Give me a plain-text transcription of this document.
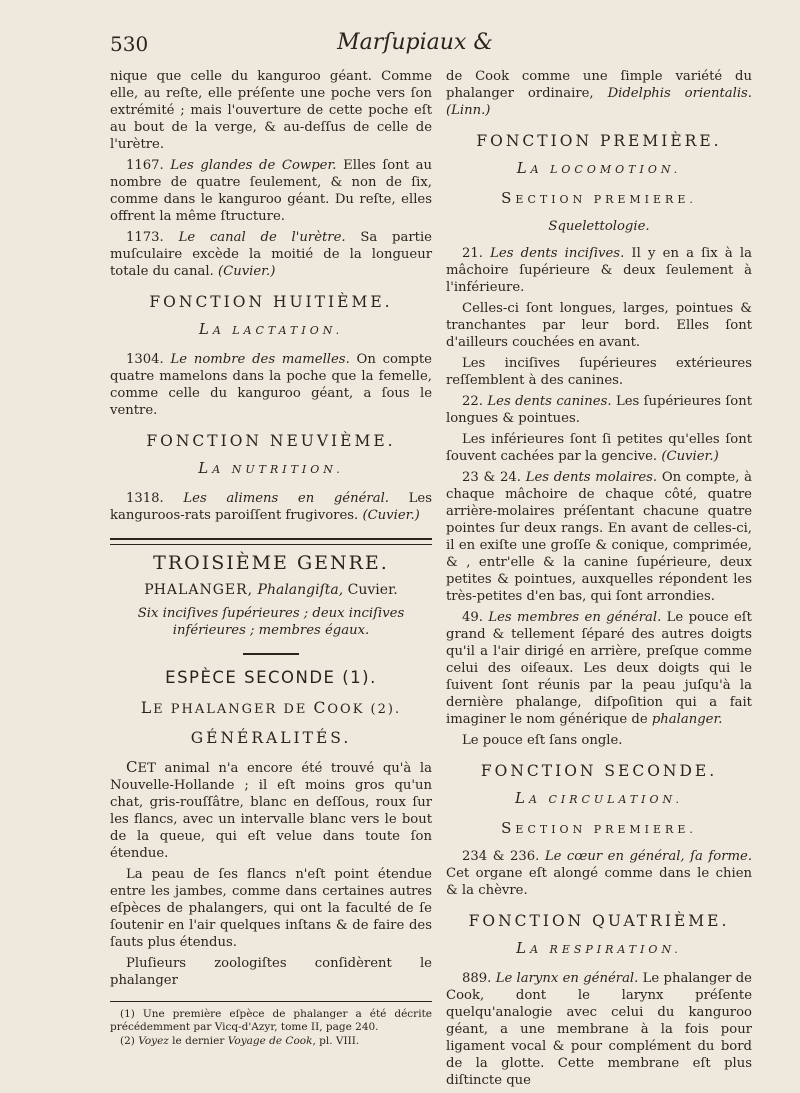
530	Marſupiaux &

nique que celle du kanguroo géant. Comme elle, au reſte, elle préſente une poche vers ſon extrémité ; mais l'ouverture de cette poche eſt au bout de la verge, & au-deſſus de celle de l'urètre.

1167. Les glandes de Cowper. Elles ſont au nombre de quatre ſeulement, & non de ſix, comme dans le kanguroo géant. Du reſte, elles offrent la même ſtructure.

1173. Le canal de l'urètre. Sa partie muſculaire excède la moitié de la longueur totale du canal. (Cuvier.)

FONCTION HUITIÈME.
LA LACTATION.

1304. Le nombre des mamelles. On compte quatre mamelons dans la poche que la femelle, comme celle du kanguroo géant, a ſous le ventre.

FONCTION NEUVIÈME.
LA NUTRITION.

1318. Les alimens en général. Les kanguroos-rats paroiſſent frugivores. (Cuvier.)

TROISIÈME GENRE.
PHALANGER, Phalangiſta, Cuvier.
Six inciſives ſupérieures ; deux inciſives inférieures ; membres égaux.
ESPÈCE SECONDE (1).
LE PHALANGER DE COOK (2).
GÉNÉRALITÉS.

CET animal n'a encore été trouvé qu'à la Nouvelle-Hollande ; il eſt moins gros qu'un chat, gris-rouſſâtre, blanc en deſſous, roux ſur les flancs, avec un intervalle blanc vers le bout de la queue, qui eſt velue dans toute ſon étendue.

La peau de ſes flancs n'eſt point étendue entre les jambes, comme dans certaines autres eſpèces de phalangers, qui ont la faculté de ſe ſoutenir en l'air quelques inſtans & de faire des ſauts plus étendus.

Pluſieurs zoologiſtes conſidèrent le phalanger

(1) Une première eſpèce de phalanger a été décrite précédemment par Vicq-d'Azyr, tome II, page 240.

(2) Voyez le dernier Voyage de Cook, pl. VIII.

de Cook comme une ſimple variété du phalanger ordinaire, Didelphis orientalis. (Linn.)

FONCTION PREMIÈRE.
LA LOCOMOTION.
SECTION PREMIERE.
Squelettologie.

21. Les dents inciſives. Il y en a ſix à la mâchoire ſupérieure & deux ſeulement à l'inférieure.

Celles-ci ſont longues, larges, pointues & tranchantes par leur bord. Elles ſont d'ailleurs couchées en avant.

Les inciſives ſupérieures extérieures reſſemblent à des canines.

22. Les dents canines. Les ſupérieures ſont longues & pointues.

Les inférieures ſont ſi petites qu'elles ſont ſouvent cachées par la gencive. (Cuvier.)

23 & 24. Les dents molaires. On compte, à chaque mâchoire de chaque côté, quatre arrière-molaires préſentant chacune quatre pointes ſur deux rangs. En avant de celles-ci, il en exiſte une groſſe & conique, comprimée, & , entr'elle & la canine ſupérieure, deux petites & pointues, auxquelles répondent les très-petites d'en bas, qui ſont arrondies.

49. Les membres en général. Le pouce eſt grand & tellement ſéparé des autres doigts qu'il a l'air dirigé en arrière, preſque comme celui des oiſeaux. Les deux doigts qui le ſuivent ſont réunis par la peau juſqu'à la dernière phalange, diſpoſition qui a fait imaginer le nom générique de phalanger.

Le pouce eſt ſans ongle.

FONCTION SECONDE.
LA CIRCULATION.
SECTION PREMIERE.

234 & 236. Le cœur en général, ſa forme. Cet organe eſt alongé comme dans le chien & la chèvre.

FONCTION QUATRIÈME.
LA RESPIRATION.

889. Le larynx en général. Le phalanger de Cook, dont le larynx préſente quelqu'analogie avec celui du kanguroo géant, a une membrane à la fois pour ligament vocal & pour complément du bord de la glotte. Cette membrane eſt plus diſtincte que
